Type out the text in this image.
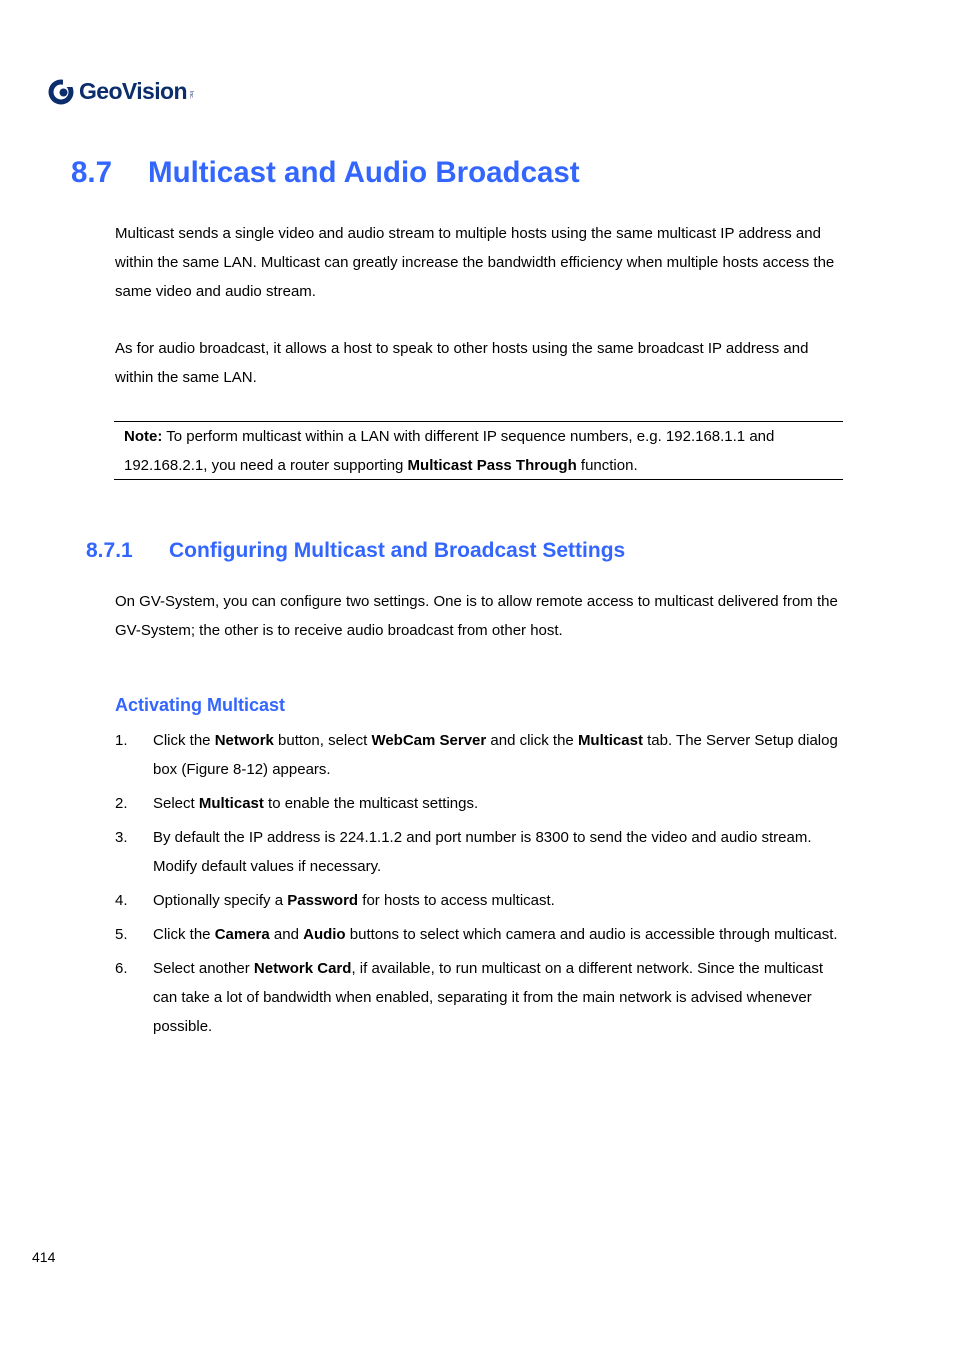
GeoVision Inc.
8.7 Multicast and Audio Broadcast

Multicast sends a single video and audio stream to multiple hosts using the same multicast IP address and within the same LAN. Multicast can greatly increase the bandwidth efficiency when multiple hosts access the same video and audio stream.

As for audio broadcast, it allows a host to speak to other hosts using the same broadcast IP address and within the same LAN.

Note: To perform multicast within a LAN with different IP sequence numbers, e.g. 192.168.1.1 and 192.168.2.1, you need a router supporting Multicast Pass Through function.

8.7.1 Configuring Multicast and Broadcast Settings

On GV-System, you can configure two settings. One is to allow remote access to multicast delivered from the GV-System; the other is to receive audio broadcast from other host.

Activating Multicast
1. Click the Network button, select WebCam Server and click the Multicast tab. The Server Setup dialog box (Figure 8-12) appears.
2. Select Multicast to enable the multicast settings.
3. By default the IP address is 224.1.1.2 and port number is 8300 to send the video and audio stream. Modify default values if necessary.
4. Optionally specify a Password for hosts to access multicast.
5. Click the Camera and Audio buttons to select which camera and audio is accessible through multicast.
6. Select another Network Card, if available, to run multicast on a different network. Since the multicast can take a lot of bandwidth when enabled, separating it from the main network is advised whenever possible.
414
